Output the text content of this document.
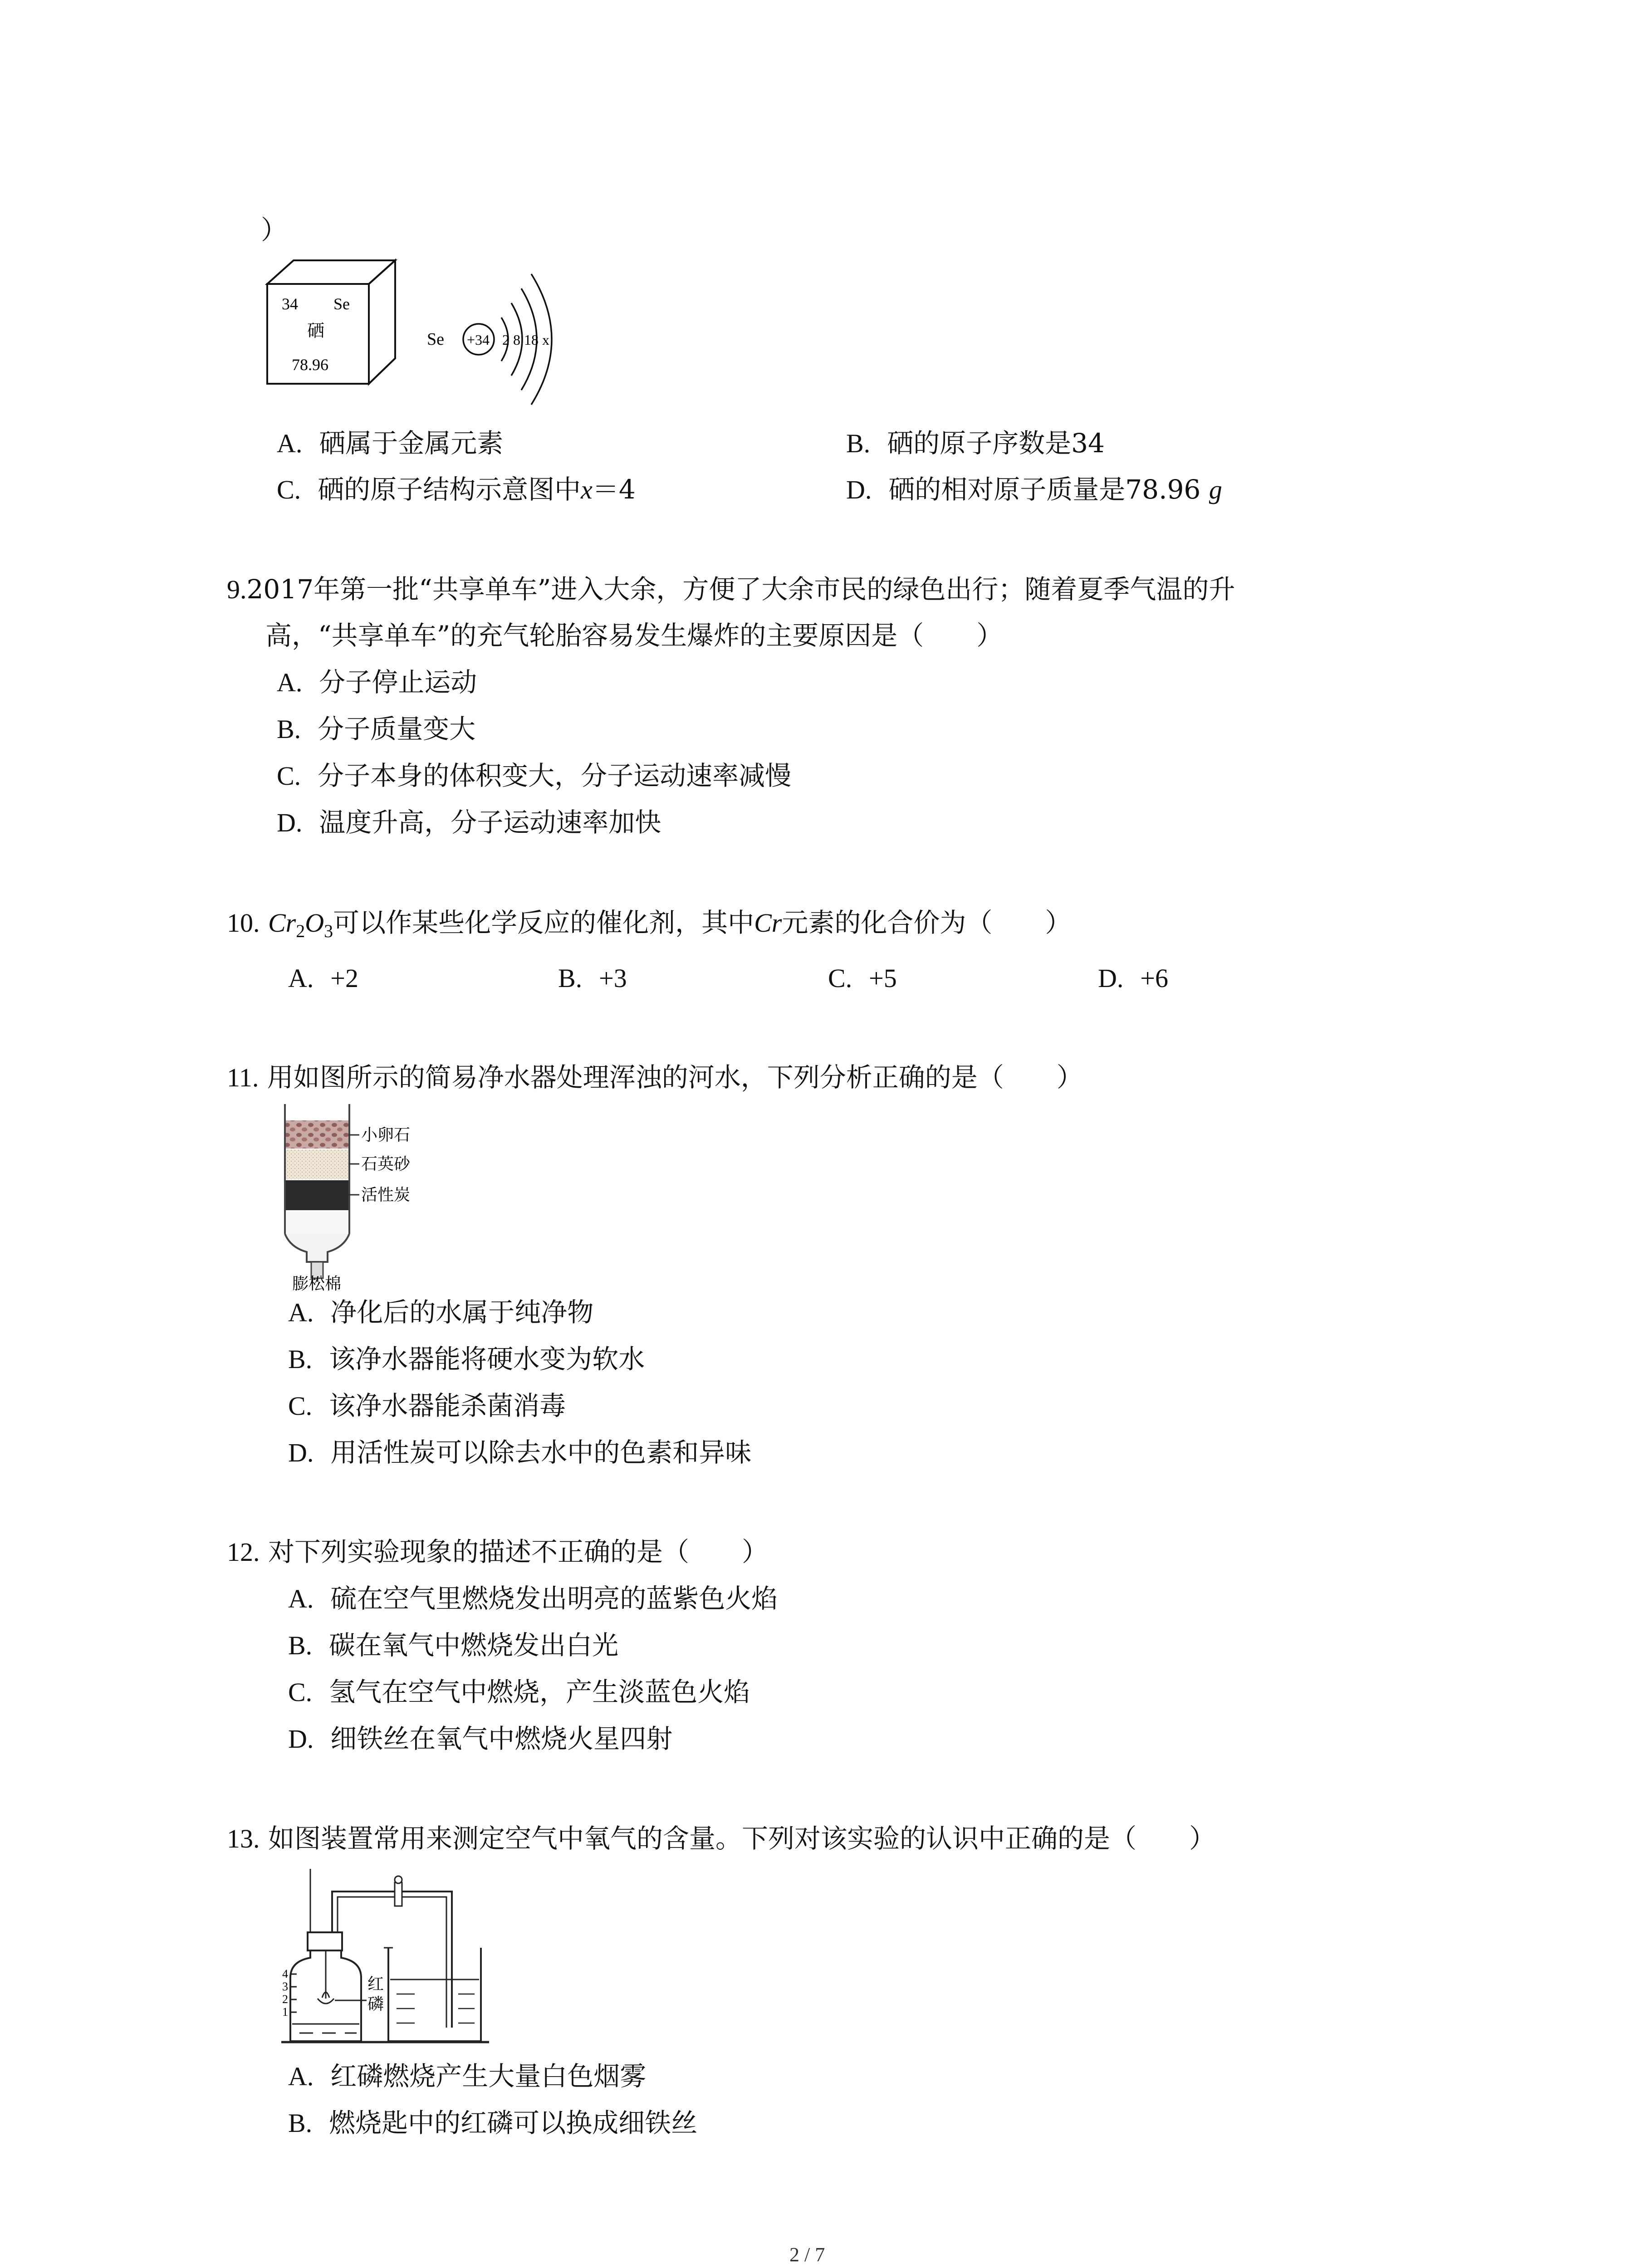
）
34 Se
硒
78.96
Se +34 2 8 18 x
A. 硒属于金属元素	B. 硒的原子序数是34
C. 硒的原子结构示意图中x＝4	D. 硒的相对原子质量是78.96 g
9.2017年第一批“共享单车”进入大余，方便了大余市民的绿色出行；随着夏季气温的升
高，“共享单车”的充气轮胎容易发生爆炸的主要原因是（　　）
A. 分子停止运动
B. 分子质量变大
C. 分子本身的体积变大，分子运动速率减慢
D. 温度升高，分子运动速率加快
10. $Cr_2O_3$可以作某些化学反应的催化剂，其中Cr元素的化合价为（　　）
A. +2	B. +3	C. +5	D. +6
11. 用如图所示的简易净水器处理浑浊的河水，下列分析正确的是（　　）
小卵石
石英砂
活性炭
膨松棉
A. 净化后的水属于纯净物
B. 该净水器能将硬水变为软水
C. 该净水器能杀菌消毒
D. 用活性炭可以除去水中的色素和异味
12. 对下列实验现象的描述不正确的是（　　）
A. 硫在空气里燃烧发出明亮的蓝紫色火焰
B. 碳在氧气中燃烧发出白光
C. 氢气在空气中燃烧，产生淡蓝色火焰
D. 细铁丝在氧气中燃烧火星四射
13. 如图装置常用来测定空气中氧气的含量。下列对该实验的认识中正确的是（　　）
4
3
2
1
红
磷
A. 红磷燃烧产生大量白色烟雾
B. 燃烧匙中的红磷可以换成细铁丝
2 / 7
